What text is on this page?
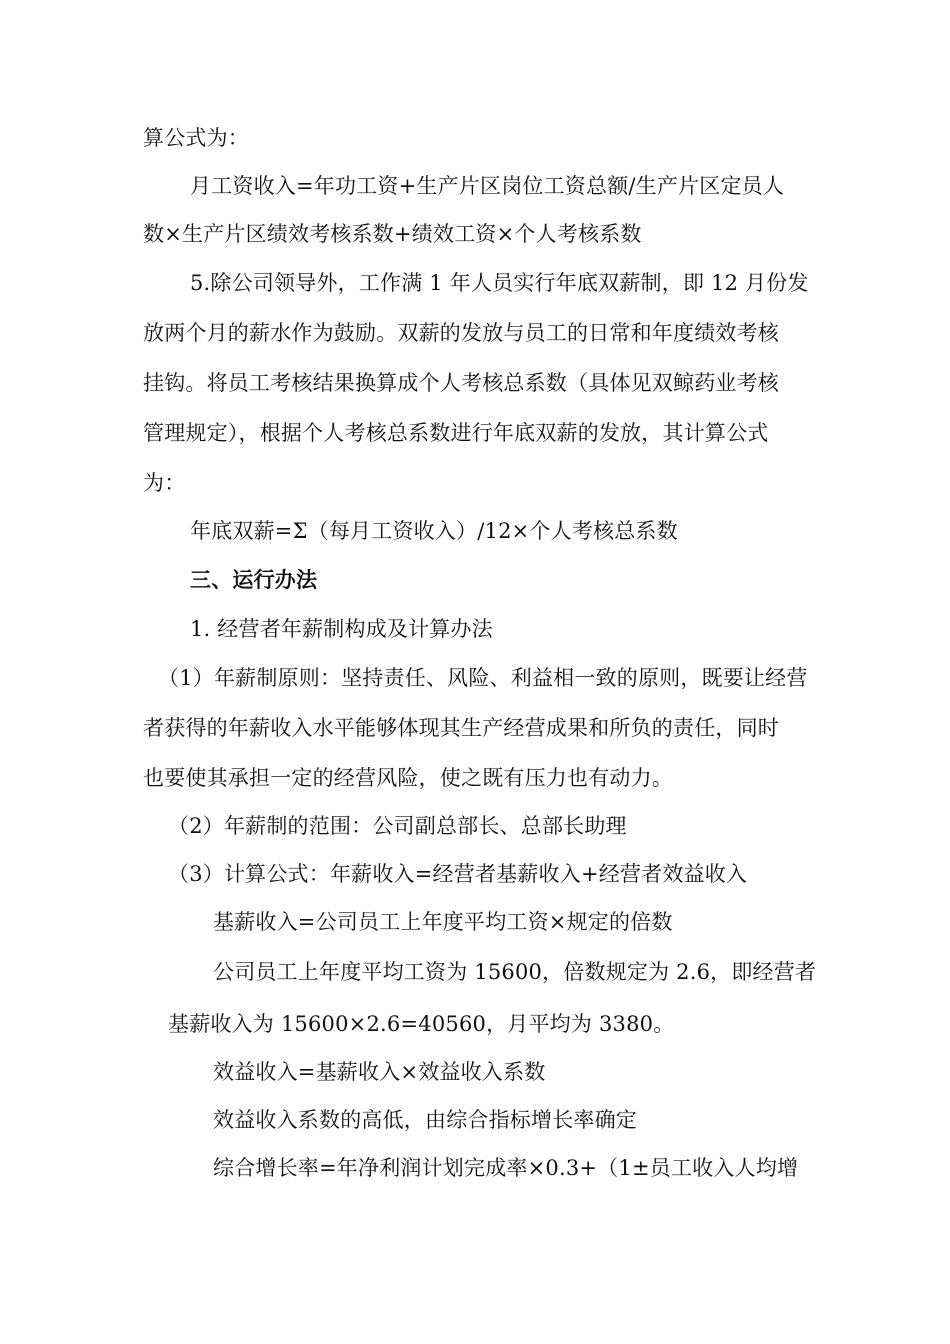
算公式为：
月工资收入=年功工资+生产片区岗位工资总额/生产片区定员人
数×生产片区绩效考核系数+绩效工资×个人考核系数
5.除公司领导外，工作满 1 年人员实行年底双薪制，即 12 月份发
放两个月的薪水作为鼓励。双薪的发放与员工的日常和年度绩效考核
挂钩。将员工考核结果换算成个人考核总系数（具体见双鲸药业考核
管理规定），根据个人考核总系数进行年底双薪的发放，其计算公式
为：
年底双薪=Σ（每月工资收入）/12×个人考核总系数
三、运行办法
1. 经营者年薪制构成及计算办法
（1）年薪制原则：坚持责任、风险、利益相一致的原则，既要让经营
者获得的年薪收入水平能够体现其生产经营成果和所负的责任，同时
也要使其承担一定的经营风险，使之既有压力也有动力。
（2）年薪制的范围：公司副总部长、总部长助理
（3）计算公式：年薪收入=经营者基薪收入+经营者效益收入
基薪收入=公司员工上年度平均工资×规定的倍数
公司员工上年度平均工资为 15600，倍数规定为 2.6，即经营者
基薪收入为 15600×2.6=40560，月平均为 3380。
效益收入=基薪收入×效益收入系数
效益收入系数的高低，由综合指标增长率确定
综合增长率=年净利润计划完成率×0.3+（1±员工收入人均增
